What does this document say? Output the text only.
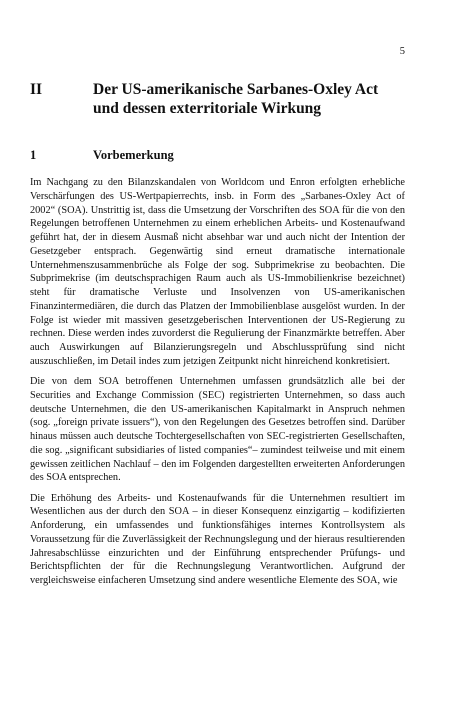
5
II	Der US-amerikanische Sarbanes-Oxley Act und dessen exterritoriale Wirkung
1	Vorbemerkung

Im Nachgang zu den Bilanzskandalen von Worldcom und Enron erfolgten erhebliche Verschärfungen des US-Wertpapierrechts, insb. in Form des „Sarbanes-Oxley Act of 2002“ (SOA). Unstrittig ist, dass die Umsetzung der Vorschriften des SOA für die von den Regelungen betroffenen Unternehmen zu einem erheblichen Arbeits- und Kostenaufwand geführt hat, der in diesem Ausmaß nicht absehbar war und auch nicht der Intention der Gesetzgeber entsprach. Gegenwärtig sind erneut dramatische internationale Unternehmenszusammenbrüche als Folge der sog. Subprimekrise zu beobachten. Die Subprimekrise (im deutschsprachigen Raum auch als US-Immobilienkrise bezeichnet) steht für dramatische Verluste und Insolvenzen von US-amerikanischen Finanzintermediären, die durch das Platzen der Immobilienblase ausgelöst wurden. In der Folge ist wieder mit massiven gesetzgeberischen Interventionen der US-Regierung zu rechnen. Diese werden indes zuvorderst die Regulierung der Finanzmärkte betreffen. Aber auch Auswirkungen auf Bilanzierungsregeln und Abschlussprüfung sind nicht auszuschließen, im Detail indes zum jetzigen Zeitpunkt nicht hinreichend konkretisiert.

Die von dem SOA betroffenen Unternehmen umfassen grundsätzlich alle bei der Securities and Exchange Commission (SEC) registrierten Unternehmen, so dass auch deutsche Unternehmen, die den US-amerikanischen Kapitalmarkt in Anspruch nehmen (sog. „foreign private issuers“), von den Regelungen des Gesetzes betroffen sind. Darüber hinaus müssen auch deutsche Tochtergesellschaften von SEC-registrierten Gesellschaften, die sog. „significant subsidiaries of listed companies“– zumindest teilweise und mit einem gewissen zeitlichen Nachlauf – den im Folgenden dargestellten erweiterten Anforderungen des SOA entsprechen.

Die Erhöhung des Arbeits- und Kostenaufwands für die Unternehmen resultiert im Wesentlichen aus der durch den SOA – in dieser Konsequenz einzigartig – kodifizierten Anforderung, ein umfassendes und funktionsfähiges internes Kontrollsystem als Voraussetzung für die Zuverlässigkeit der Rechnungslegung und der hieraus resultierenden Jahresabschlüsse einzurichten und der Einführung entsprechender Prüfungs- und Berichtspflichten der für die Rechnungslegung Verantwortlichen. Aufgrund der vergleichsweise einfacheren Umsetzung sind andere wesentliche Elemente des SOA, wie
